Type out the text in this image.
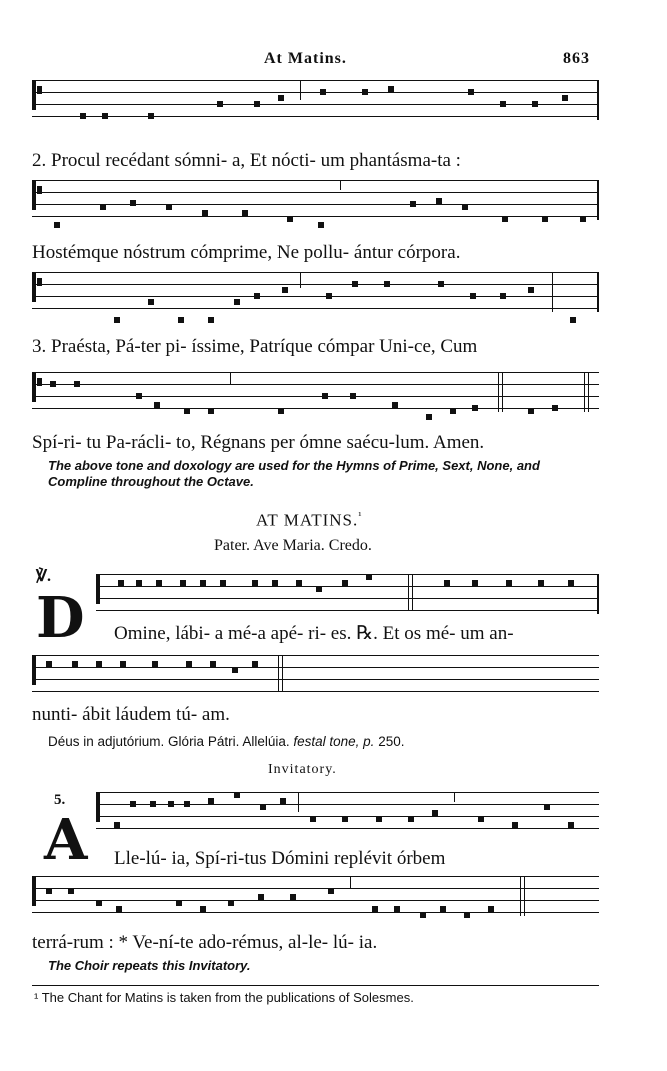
At Matins.	863
2. Procul recédant sómni- a, Et nócti- um phantásma-ta :
Hostémque nóstrum cómprime, Ne pollu- ántur córpora.
3. Praésta, Pá-ter pi- íssime, Patríque cómpar Uni-ce, Cum
Spí-ri- tu Pa-rácli- to, Régnans per ómne saécu-lum. Amen.
The above tone and doxology are used for the Hymns of Prime, Sext, None, and Compline throughout the Octave.
AT MATINS.$^{^1}$
Pater. Ave Maria. Credo.
℣.
D Omine, lábi- a mé-a apé- ri- es. ℞. Et os mé- um an-
nunti- ábit láudem tú- am.
Déus in adjutórium. Glória Pátri. Allelúia. festal tone, p. 250.
Invitatory.
5.
A Lle-lú- ia, Spí-ri-tus Dómini replévit órbem
terrá-rum : * Ve-ní-te ado-rémus, al-le- lú- ia.
The Choir repeats this Invitatory.
¹ The Chant for Matins is taken from the publications of Solesmes.
